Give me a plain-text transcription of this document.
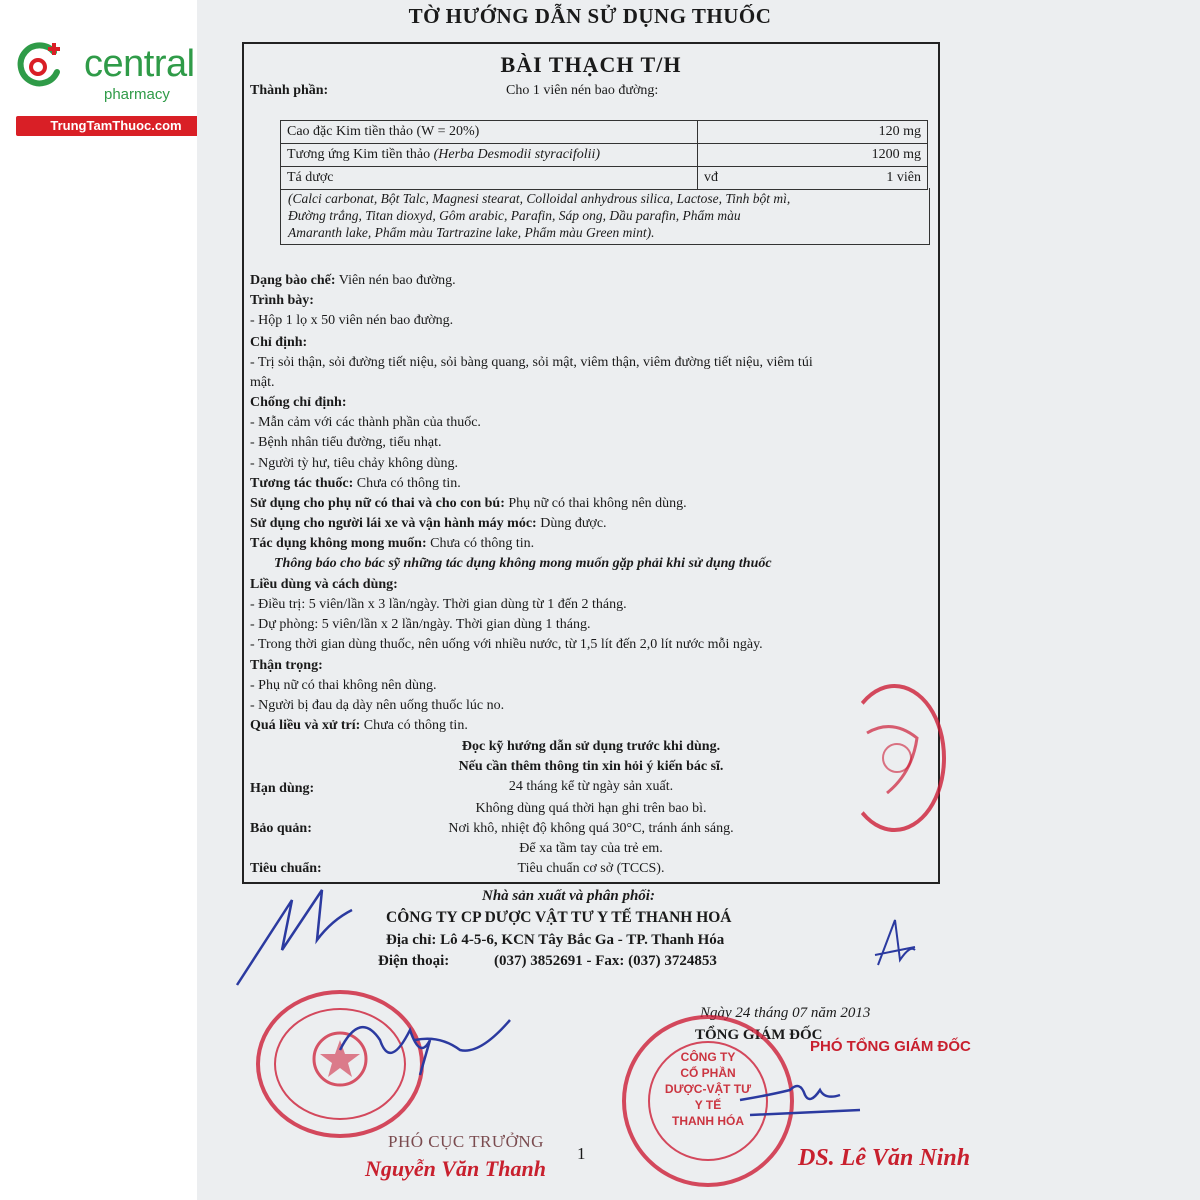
central
pharmacy
TrungTamThuoc.com
TỜ HƯỚNG DẪN SỬ DỤNG THUỐC
BÀI THẠCH T/H
Thành phần:	Cho 1 viên nén bao đường:
Cao đặc Kim tiền thảo (W = 20%)		120 mg
Tương ứng Kim tiền thảo (Herba Desmodii styracifolii)		1200 mg
Tá dược	vđ	1 viên
(Calci carbonat, Bột Talc, Magnesi stearat, Colloidal anhydrous silica, Lactose, Tinh bột mì,
Đường trắng, Titan dioxyd, Gôm arabic, Parafin, Sáp ong, Dầu parafin, Phẩm màu
Amaranth lake, Phẩm màu Tartrazine lake, Phẩm màu Green mint).
Dạng bào chế: Viên nén bao đường.
Trình bày:
- Hộp 1 lọ x 50 viên nén bao đường.
Chỉ định:
- Trị sỏi thận, sỏi đường tiết niệu, sỏi bàng quang, sỏi mật, viêm thận, viêm đường tiết niệu, viêm túi
mật.
Chống chỉ định:
- Mẫn cảm với các thành phần của thuốc.
- Bệnh nhân tiểu đường, tiểu nhạt.
- Người tỳ hư, tiêu chảy không dùng.
Tương tác thuốc: Chưa có thông tin.
Sử dụng cho phụ nữ có thai và cho con bú: Phụ nữ có thai không nên dùng.
Sử dụng cho người lái xe và vận hành máy móc: Dùng được.
Tác dụng không mong muốn: Chưa có thông tin.
Thông báo cho bác sỹ những tác dụng không mong muốn gặp phải khi sử dụng thuốc
Liều dùng và cách dùng:
- Điều trị: 5 viên/lần x 3 lần/ngày. Thời gian dùng từ 1 đến 2 tháng.
- Dự phòng: 5 viên/lần x 2 lần/ngày. Thời gian dùng 1 tháng.
- Trong thời gian dùng thuốc, nên uống với nhiều nước, từ 1,5 lít đến 2,0 lít nước mỗi ngày.
Thận trọng:
- Phụ nữ có thai không nên dùng.
- Người bị đau dạ dày nên uống thuốc lúc no.
Quá liều và xử trí: Chưa có thông tin.
Đọc kỹ hướng dẫn sử dụng trước khi dùng.
Nếu cần thêm thông tin xin hỏi ý kiến bác sĩ.
Hạn dùng:	24 tháng kể từ ngày sản xuất.
Không dùng quá thời hạn ghi trên bao bì.
Bảo quản:	Nơi khô, nhiệt độ không quá 30°C, tránh ánh sáng.
Để xa tầm tay của trẻ em.
Tiêu chuẩn:	Tiêu chuẩn cơ sở (TCCS).
Nhà sản xuất và phân phối:
CÔNG TY CP DƯỢC VẬT TƯ Y TẾ THANH HOÁ
Địa chỉ: Lô 4-5-6, KCN Tây Bắc Ga - TP. Thanh Hóa
Điện thoại:	(037) 3852691 - Fax: (037) 3724853
Ngày 24 tháng 07 năm 2013
TỔNG GIÁM ĐỐC
PHÓ TỔNG GIÁM ĐỐC
PHÓ CỤC TRƯỞNG
Nguyễn Văn Thanh
1	DS. Lê Văn Ninh
CÔNG TY
CỔ PHẦN
DƯỢC-VẬT TƯ
Y TẾ
THANH HÓA
